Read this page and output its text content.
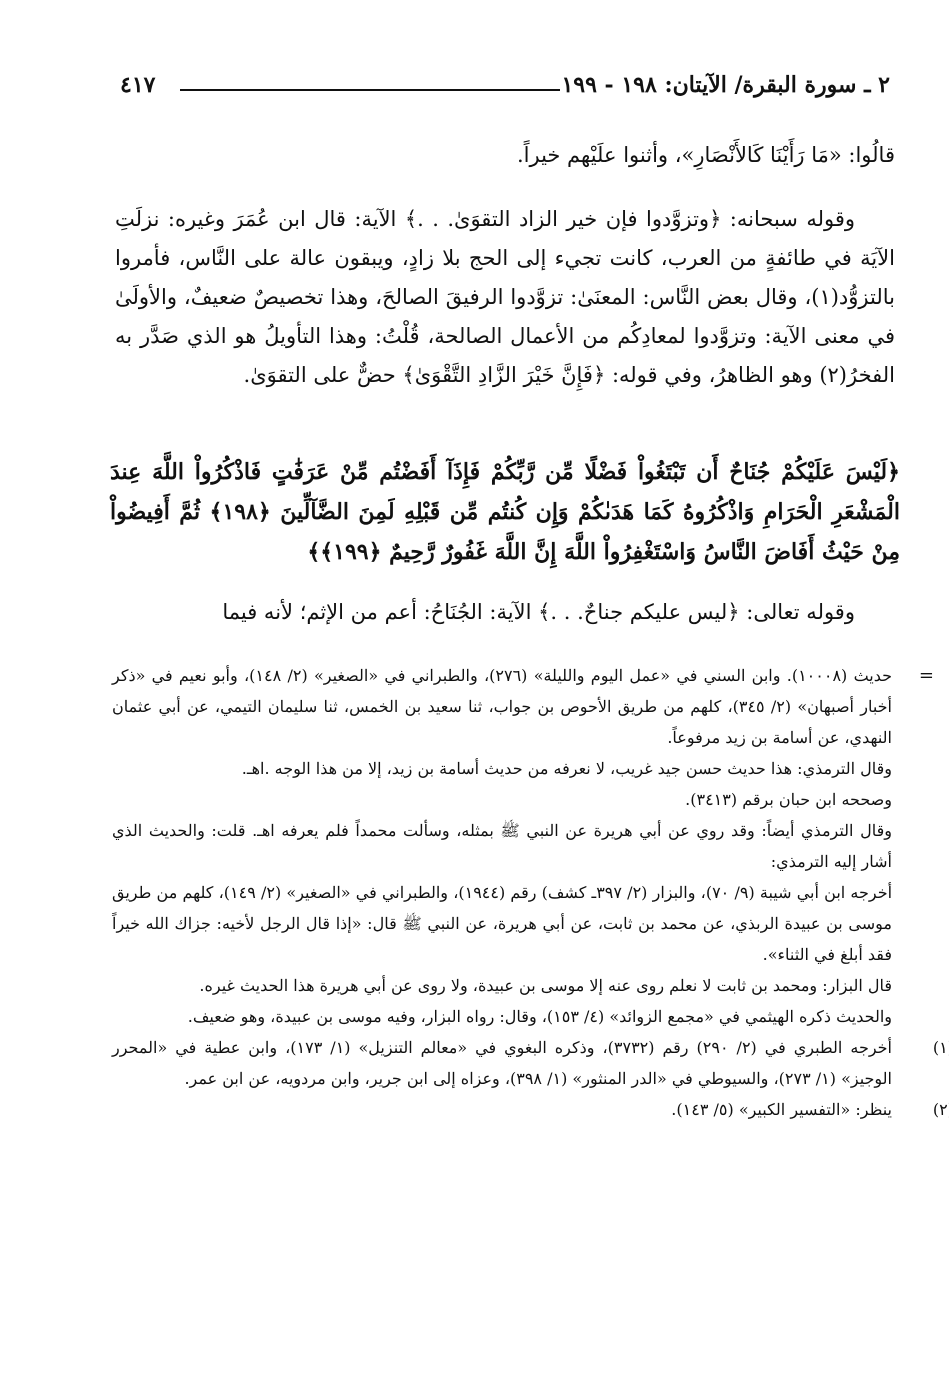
٢ ـ سورة البقرة/ الآيتان: ١٩٨ - ١٩٩
٤١٧

قالُوا: «مَا رَأَيْنَا كَالأَنْصَارِ»، وأثنوا علَيْهم خيراً.

وقوله سبحانه: ﴿وتزوَّدوا فإن خير الزاد التقوَىٰ. . .﴾ الآية: قال ابن عُمَرَ وغيره: نزلَتِ الآيَة في طائفةٍ من العرب، كانت تجيء إلى الحج بلا زادٍ، ويبقون عالة على النَّاس، فأمروا بالتزوُّد(١)، وقال بعض النَّاس: المعنَىٰ: تزوَّدوا الرفيقَ الصالحَ، وهذا تخصيصٌ ضعيفٌ، والأولَىٰ في معنى الآية: وتزوَّدوا لمعادِكُم من الأعمال الصالحة، قُلْتُ: وهذا التأويلُ هو الذي صَدَّر به الفخرُ(٢) وهو الظاهرُ، وفي قوله: ﴿فَإِنَّ خَيْرَ الزَّادِ التَّقْوَىٰ﴾ حضٌّ على التقوَىٰ.

﴿لَيْسَ عَلَيْكُمْ جُنَاحٌ أَن تَبْتَغُواْ فَضْلًا مِّن رَّبِّكُمْ فَإِذَآ أَفَضْتُم مِّنْ عَرَفَٰتٍ فَاذْكُرُواْ اللَّهَ عِندَ الْمَشْعَرِ الْحَرَامِ وَاذْكُرُوهُ كَمَا هَدَىٰكُمْ وَإِن كُنتُم مِّن قَبْلِهِ لَمِنَ الضَّآلِّينَ ﴿١٩٨﴾ ثُمَّ أَفِيضُواْ مِنْ حَيْثُ أَفَاضَ النَّاسُ وَاسْتَغْفِرُواْ اللَّهَ إِنَّ اللَّهَ غَفُورٌ رَّحِيمٌ ﴿١٩٩﴾﴾

وقوله تعالى: ﴿ليس عليكم جناحٌ. . .﴾ الآية: الجُنَاحُ: أعم من الإثم؛ لأنه فيما

=

حديث (١٠٠٠٨). وابن السني في «عمل اليوم والليلة» (٢٧٦)، والطبراني في «الصغير» (٢/ ١٤٨)، وأبو نعيم في «ذكر أخبار أصبهان» (٢/ ٣٤٥)، كلهم من طريق الأحوص بن جواب، ثنا سعيد بن الخمس، ثنا سليمان التيمي، عن أبي عثمان النهدي، عن أسامة بن زيد مرفوعاً.

وقال الترمذي: هذا حديث حسن جيد غريب، لا نعرفه من حديث أسامة بن زيد، إلا من هذا الوجه .اهـ.

وصححه ابن حبان برقم (٣٤١٣).

وقال الترمذي أيضاً: وقد روي عن أبي هريرة عن النبي ﷺ بمثله، وسألت محمداً فلم يعرفه اهـ. قلت: والحديث الذي أشار إليه الترمذي:

أخرجه ابن أبي شيبة (٩/ ٧٠)، والبزار (٢/ ٣٩٧ـ كشف) رقم (١٩٤٤)، والطبراني في «الصغير» (٢/ ١٤٩)، كلهم من طريق موسى بن عبيدة الربذي، عن محمد بن ثابت، عن أبي هريرة، عن النبي ﷺ قال: «إذا قال الرجل لأخيه: جزاك الله خيراً فقد أبلغ في الثناء».

قال البزار: ومحمد بن ثابت لا نعلم روى عنه إلا موسى بن عبيدة، ولا روى عن أبي هريرة هذا الحديث غيره.

والحديث ذكره الهيثمي في «مجمع الزوائد» (٤/ ١٥٣)، وقال: رواه البزار، وفيه موسى بن عبيدة، وهو ضعيف.

١)

أخرجه الطبري في (٢/ ٢٩٠) رقم (٣٧٣٢)، وذكره البغوي في «معالم التنزيل» (١/ ١٧٣)، وابن عطية في «المحرر الوجيز» (١/ ٢٧٣)، والسيوطي في «الدر المنثور» (١/ ٣٩٨)، وعزاه إلى ابن جرير، وابن مردويه، عن ابن عمر.

٢)

ينظر: «التفسير الكبير» (٥/ ١٤٣).
